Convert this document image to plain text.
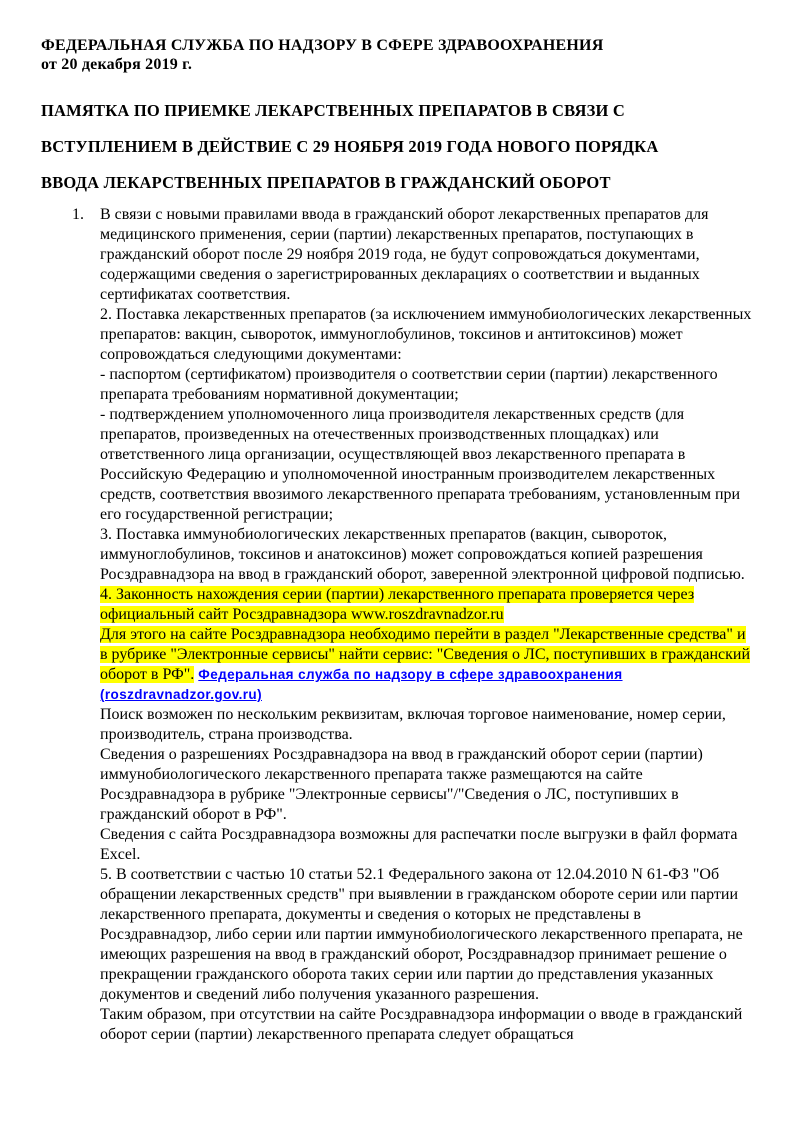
ФЕДЕРАЛЬНАЯ СЛУЖБА ПО НАДЗОРУ В СФЕРЕ ЗДРАВООХРАНЕНИЯ
от 20 декабря 2019 г.
ПАМЯТКА ПО ПРИЕМКЕ ЛЕКАРСТВЕННЫХ ПРЕПАРАТОВ В СВЯЗИ С
ВСТУПЛЕНИЕМ В ДЕЙСТВИЕ С 29 НОЯБРЯ 2019 ГОДА НОВОГО ПОРЯДКА
ВВОДА ЛЕКАРСТВЕННЫХ ПРЕПАРАТОВ В ГРАЖДАНСКИЙ ОБОРОТ

1. В связи с новыми правилами ввода в гражданский оборот лекарственных препаратов для медицинского применения, серии (партии) лекарственных препаратов, поступающих в гражданский оборот после 29 ноября 2019 года, не будут сопровождаться документами, содержащими сведения о зарегистрированных декларациях о соответствии и выданных сертификатах соответствия.

2. Поставка лекарственных препаратов (за исключением иммунобиологических лекарственных препаратов: вакцин, сывороток, иммуноглобулинов, токсинов и антитоксинов) может сопровождаться следующими документами:

- паспортом (сертификатом) производителя о соответствии серии (партии) лекарственного препарата требованиям нормативной документации;

- подтверждением уполномоченного лица производителя лекарственных средств (для препаратов, произведенных на отечественных производственных площадках) или ответственного лица организации, осуществляющей ввоз лекарственного препарата в Российскую Федерацию и уполномоченной иностранным производителем лекарственных средств, соответствия ввозимого лекарственного препарата требованиям, установленным при его государственной регистрации;

3. Поставка иммунобиологических лекарственных препаратов (вакцин, сывороток, иммуноглобулинов, токсинов и анатоксинов) может сопровождаться копией разрешения Росздравнадзора на ввод в гражданский оборот, заверенной электронной цифровой подписью.

4. Законность нахождения серии (партии) лекарственного препарата проверяется через официальный сайт Росздравнадзора www.roszdravnadzor.ru

Для этого на сайте Росздравнадзора необходимо перейти в раздел "Лекарственные средства" и в рубрике "Электронные сервисы" найти сервис: "Сведения о ЛС, поступивших в гражданский оборот в РФ". Федеральная служба по надзору в сфере здравоохранения (roszdravnadzor.gov.ru)

Поиск возможен по нескольким реквизитам, включая торговое наименование, номер серии, производитель, страна производства.

Сведения о разрешениях Росздравнадзора на ввод в гражданский оборот серии (партии) иммунобиологического лекарственного препарата также размещаются на сайте Росздравнадзора в рубрике "Электронные сервисы"/"Сведения о ЛС, поступивших в гражданский оборот в РФ".

Сведения с сайта Росздравнадзора возможны для распечатки после выгрузки в файл формата Excel.

5. В соответствии с частью 10 статьи 52.1 Федерального закона от 12.04.2010 N 61-ФЗ "Об обращении лекарственных средств" при выявлении в гражданском обороте серии или партии лекарственного препарата, документы и сведения о которых не представлены в Росздравнадзор, либо серии или партии иммунобиологического лекарственного препарата, не имеющих разрешения на ввод в гражданский оборот, Росздравнадзор принимает решение о прекращении гражданского оборота таких серии или партии до представления указанных документов и сведений либо получения указанного разрешения.

Таким образом, при отсутствии на сайте Росздравнадзора информации о вводе в гражданский оборот серии (партии) лекарственного препарата следует обращаться
